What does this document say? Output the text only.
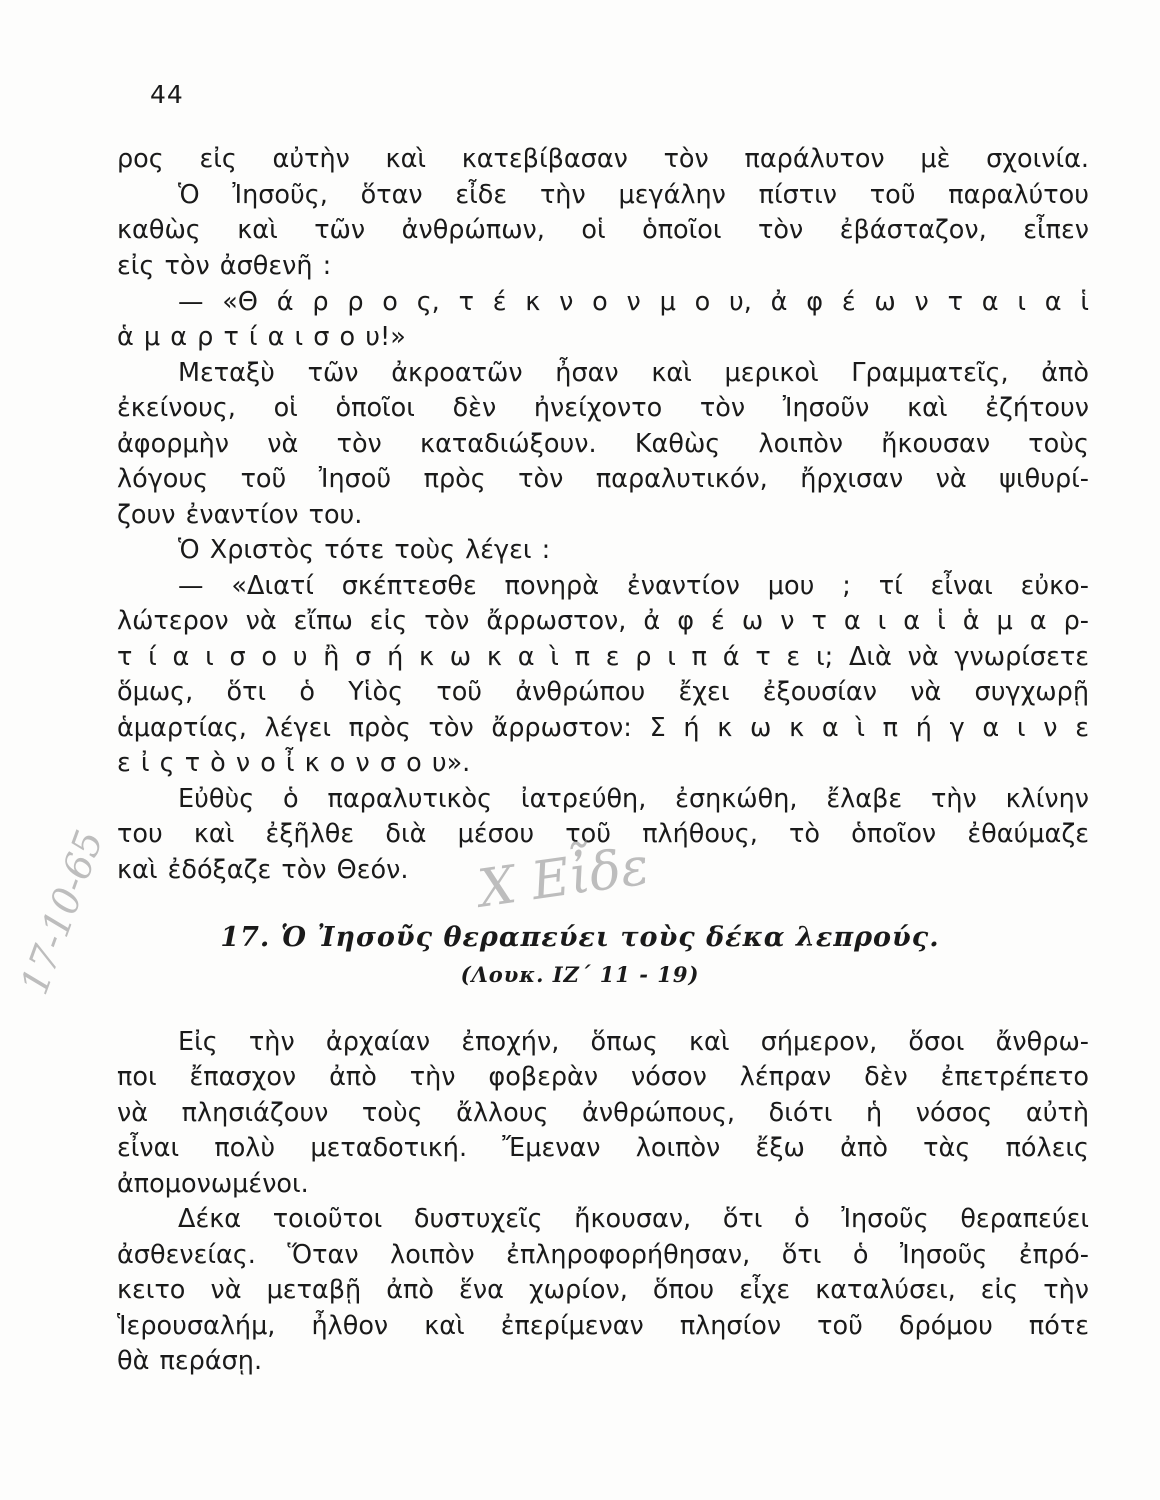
44
ρος εἰς αὐτὴν καὶ κατεβίβασαν τὸν παράλυτον μὲ σχοινία.
Ὁ Ἰησοῦς, ὅταν εἶδε τὴν μεγάλην πίστιν τοῦ παραλύτου
καθὼς καὶ τῶν ἀνθρώπων, οἱ ὁποῖοι τὸν ἐβάσταζον, εἶπεν
εἰς τὸν ἀσθενῆ :
— «Θ ά ρ ρ ο ς, τ έ κ ν ο ν μ ο υ, ἀ φ έ ω ν τ α ι α ἱ
ἁ μ α ρ τ ί α ι σ ο υ!»
Μεταξὺ τῶν ἀκροατῶν ἦσαν καὶ μερικοὶ Γραμματεῖς, ἀπὸ
ἐκείνους, οἱ ὁποῖοι δὲν ἠνείχοντο τὸν Ἰησοῦν καὶ ἐζήτουν
ἀφορμὴν νὰ τὸν καταδιώξουν. Καθὼς λοιπὸν ἤκουσαν τοὺς
λόγους τοῦ Ἰησοῦ πρὸς τὸν παραλυτικόν, ἤρχισαν νὰ ψιθυρί-
ζουν ἐναντίον του.
Ὁ Χριστὸς τότε τοὺς λέγει :
— «Διατί σκέπτεσθε πονηρὰ ἐναντίον μου ; τί εἶναι εὐκο-
λώτερον νὰ εἴπω εἰς τὸν ἄρρωστον, ἀ φ έ ω ν τ α ι α ἱ ἁ μ α ρ-
τ ί α ι σ ο υ ἢ σ ή κ ω κ α ὶ π ε ρ ι π ά τ ε ι; Διὰ νὰ γνωρίσετε
ὅμως, ὅτι ὁ Υἱὸς τοῦ ἀνθρώπου ἔχει ἐξουσίαν νὰ συγχωρῇ
ἁμαρτίας, λέγει πρὸς τὸν ἄρρωστον: Σ ή κ ω κ α ὶ π ή γ α ι ν ε
ε ἰ ς τ ὸ ν ο ἶ κ ο ν σ ο υ».
Εὐθὺς ὁ παραλυτικὸς ἰατρεύθη, ἐσηκώθη, ἔλαβε τὴν κλίνην
του καὶ ἐξῆλθε διὰ μέσου τοῦ πλήθους, τὸ ὁποῖον ἐθαύμαζε
καὶ ἐδόξαζε τὸν Θεόν.	Χ Εἶδε
17-10-65	17. Ὁ Ἰησοῦς θεραπεύει τοὺς δέκα λεπρούς.
(Λουκ. ΙΖ΄ 11 - 19)
Εἰς τὴν ἀρχαίαν ἐποχήν, ὅπως καὶ σήμερον, ὅσοι ἄνθρω-
ποι ἔπασχον ἀπὸ τὴν φοβερὰν νόσον λέπραν δὲν ἐπετρέπετο
νὰ πλησιάζουν τοὺς ἄλλους ἀνθρώπους, διότι ἡ νόσος αὐτὴ
εἶναι πολὺ μεταδοτική. Ἔμεναν λοιπὸν ἔξω ἀπὸ τὰς πόλεις
ἀπομονωμένοι.
Δέκα τοιοῦτοι δυστυχεῖς ἤκουσαν, ὅτι ὁ Ἰησοῦς θεραπεύει
ἀσθενείας. Ὅταν λοιπὸν ἐπληροφορήθησαν, ὅτι ὁ Ἰησοῦς ἐπρό-
κειτο νὰ μεταβῇ ἀπὸ ἕνα χωρίον, ὅπου εἶχε καταλύσει, εἰς τὴν
Ἱερουσαλήμ, ἦλθον καὶ ἐπερίμεναν πλησίον τοῦ δρόμου πότε
θὰ περάσῃ.
